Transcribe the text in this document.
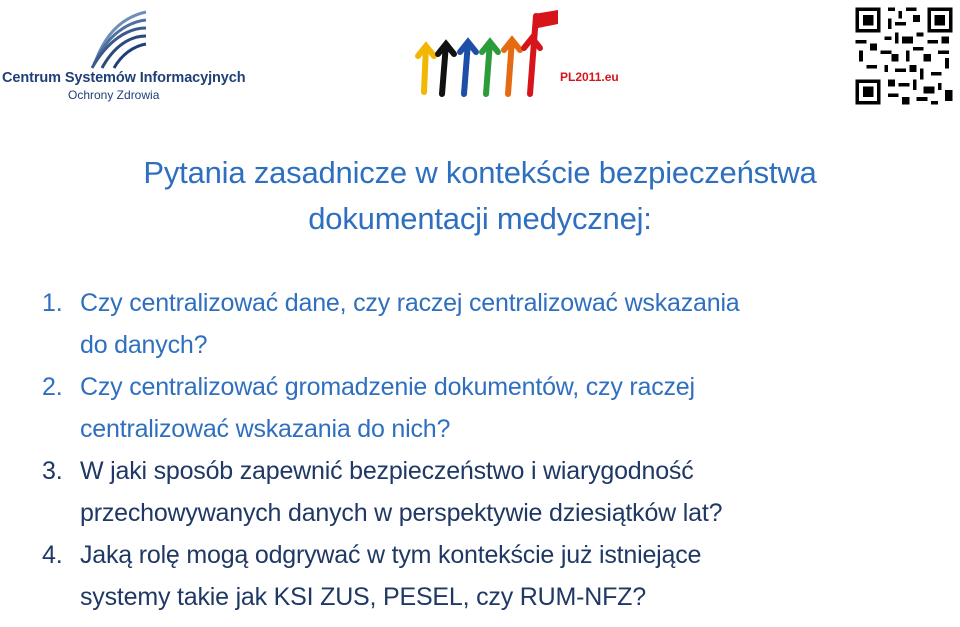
Centrum Systemów Informacyjnych
Ochrony Zdrowia
PL2011.eu
Pytania zasadnicze w kontekście bezpieczeństwa
dokumentacji medycznej:
1. Czy centralizować dane, czy raczej centralizować wskazania
do danych?
2. Czy centralizować gromadzenie dokumentów, czy raczej
centralizować wskazania do nich?
3. W jaki sposób zapewnić bezpieczeństwo i wiarygodność
przechowywanych danych w perspektywie dziesiątków lat?
4. Jaką rolę mogą odgrywać w tym kontekście już istniejące
systemy takie jak KSI ZUS, PESEL, czy RUM-NFZ?
